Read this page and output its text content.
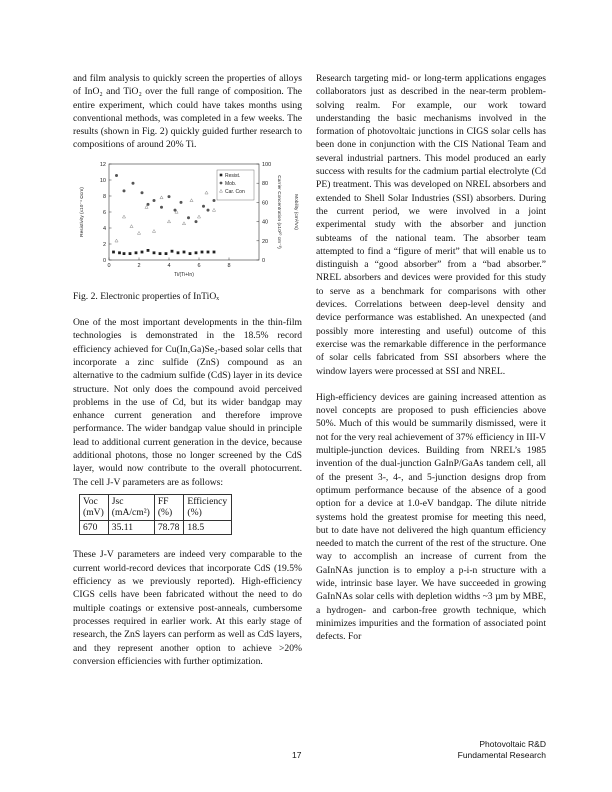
and film analysis to quickly screen the properties of alloys of InO₂ and TiO₂ over the full range of composition. The entire experiment, which could have takes months using conventional methods, was completed in a few weeks. The results (shown in Fig. 2) quickly guided further research to compositions of around 20% Ti.

0	2	4	6	8
0
2
4
6
8
10
12
0
20
40
60
80
100
Ti/(Ti+In)
Resistivity (x10⁻⁴ Ωcm)	Carrier Concentration (x10²⁰ cm⁻³)	Mobility (cm²/Vs)
Resist.
Mob.
Car. Con

Fig. 2. Electronic properties of InTiOₓ

One of the most important developments in the thin-film technologies is demonstrated in the 18.5% record efficiency achieved for Cu(In,Ga)Se₂-based solar cells that incorporate a zinc sulfide (ZnS) compound as an alternative to the cadmium sulfide (CdS) layer in its device structure. Not only does the compound avoid perceived problems in the use of Cd, but its wider bandgap may enhance current generation and therefore improve performance. The wider bandgap value should in principle lead to additional current generation in the device, because additional photons, those no longer screened by the CdS layer, would now contribute to the overall photocurrent. The cell J-V parameters are as follows:

Voc
(mV)	Jsc
(mA/cm²)	FF
(%)	Efficiency
(%)
670	35.11	78.78	18.5

These J-V parameters are indeed very comparable to the current world-record devices that incorporate CdS (19.5% efficiency as we previously reported). High-efficiency CIGS cells have been fabricated without the need to do multiple coatings or extensive post-anneals, cumbersome processes required in earlier work. At this early stage of research, the ZnS layers can perform as well as CdS layers, and they represent another option to achieve >20% conversion efficiencies with further optimization.

Research targeting mid- or long-term applications engages collaborators just as described in the near-term problem-solving realm. For example, our work toward understanding the basic mechanisms involved in the formation of photovoltaic junctions in CIGS solar cells has been done in conjunction with the CIS National Team and several industrial partners. This model produced an early success with results for the cadmium partial electrolyte (Cd PE) treatment. This was developed on NREL absorbers and extended to Shell Solar Industries (SSI) absorbers. During the current period, we were involved in a joint experimental study with the absorber and junction subteams of the national team. The absorber team attempted to find a “figure of merit” that will enable us to distinguish a “good absorber” from a “bad absorber.” NREL absorbers and devices were provided for this study to serve as a benchmark for comparisons with other devices. Correlations between deep-level density and device performance was established. An unexpected (and possibly more interesting and useful) outcome of this exercise was the remarkable difference in the performance of solar cells fabricated from SSI absorbers where the window layers were processed at SSI and NREL.

High-efficiency devices are gaining increased attention as novel concepts are proposed to push efficiencies above 50%. Much of this would be summarily dismissed, were it not for the very real achievement of 37% efficiency in III-V multiple-junction devices. Building from NREL’s 1985 invention of the dual-junction GaInP/GaAs tandem cell, all of the present 3-, 4-, and 5-junction designs drop from optimum performance because of the absence of a good option for a device at 1.0-eV bandgap. The dilute nitride systems hold the greatest promise for meeting this need, but to date have not delivered the high quantum efficiency needed to match the current of the rest of the structure. One way to accomplish an increase of current from the GaInNAs junction is to employ a p-i-n structure with a wide, intrinsic base layer. We have succeeded in growing GaInNAs solar cells with depletion widths ~3 µm by MBE, a hydrogen- and carbon-free growth technique, which minimizes impurities and the formation of associated point defects. For

17
Photovoltaic R&D
Fundamental Research
